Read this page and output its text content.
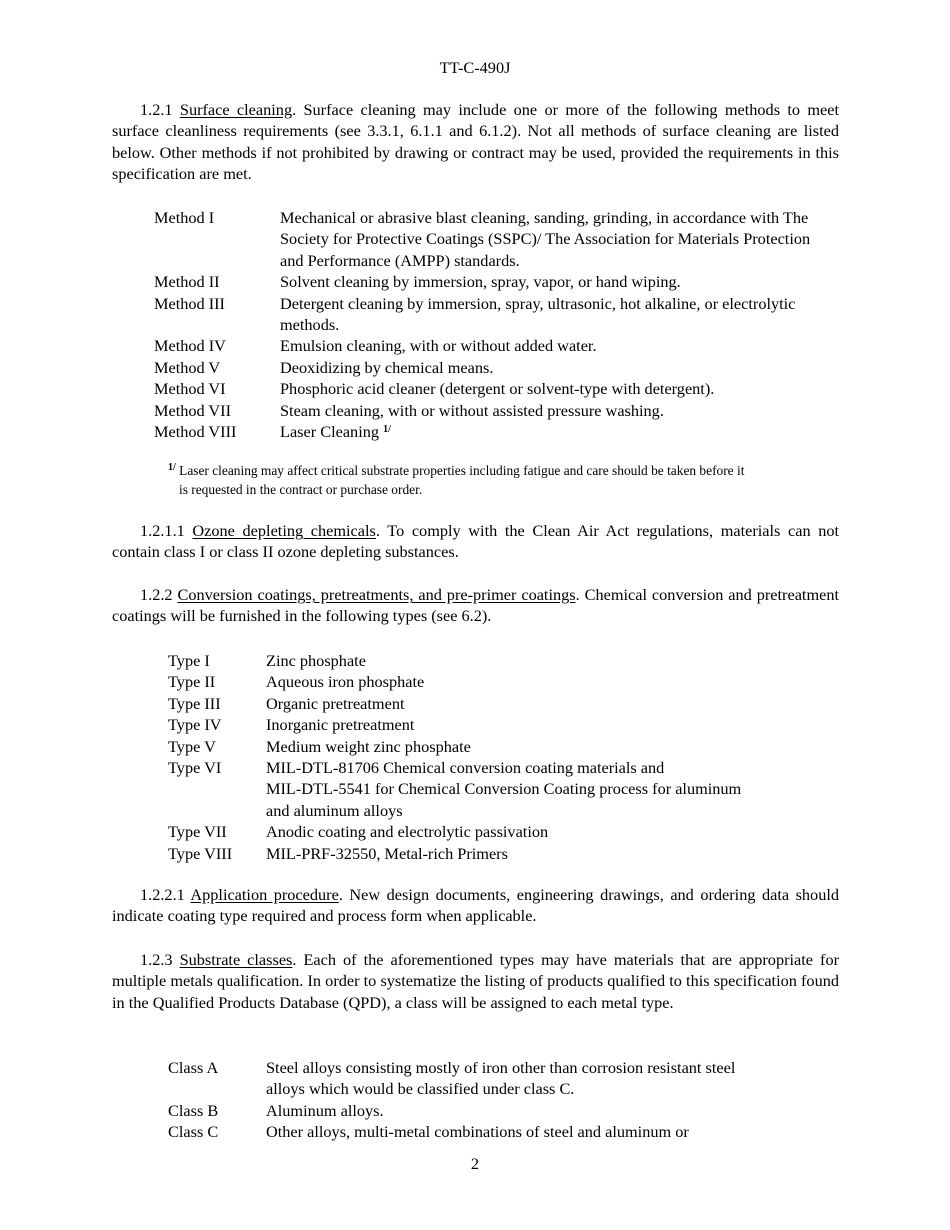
TT-C-490J
1.2.1 Surface cleaning. Surface cleaning may include one or more of the following methods to meet surface cleanliness requirements (see 3.3.1, 6.1.1 and 6.1.2). Not all methods of surface cleaning are listed below. Other methods if not prohibited by drawing or contract may be used, provided the requirements in this specification are met.
Method I	Mechanical or abrasive blast cleaning, sanding, grinding, in accordance with The Society for Protective Coatings (SSPC)/ The Association for Materials Protection and Performance (AMPP) standards.
Method II	Solvent cleaning by immersion, spray, vapor, or hand wiping.
Method III	Detergent cleaning by immersion, spray, ultrasonic, hot alkaline, or electrolytic methods.
Method IV	Emulsion cleaning, with or without added water.
Method V	Deoxidizing by chemical means.
Method VI	Phosphoric acid cleaner (detergent or solvent-type with detergent).
Method VII	Steam cleaning, with or without assisted pressure washing.
Method VIII	Laser Cleaning $^{1/}$
$^{1/}$ Laser cleaning may affect critical substrate properties including fatigue and care should be taken before it
is requested in the contract or purchase order.
1.2.1.1 Ozone depleting chemicals. To comply with the Clean Air Act regulations, materials can not contain class I or class II ozone depleting substances.
1.2.2 Conversion coatings, pretreatments, and pre-primer coatings. Chemical conversion and pretreatment coatings will be furnished in the following types (see 6.2).
Type I	Zinc phosphate
Type II	Aqueous iron phosphate
Type III	Organic pretreatment
Type IV	Inorganic pretreatment
Type V	Medium weight zinc phosphate
Type VI	MIL-DTL-81706 Chemical conversion coating materials and
MIL-DTL-5541 for Chemical Conversion Coating process for aluminum
and aluminum alloys
Type VII	Anodic coating and electrolytic passivation
Type VIII	MIL-PRF-32550, Metal-rich Primers
1.2.2.1 Application procedure. New design documents, engineering drawings, and ordering data should indicate coating type required and process form when applicable.
1.2.3 Substrate classes. Each of the aforementioned types may have materials that are appropriate for multiple metals qualification. In order to systematize the listing of products qualified to this specification found in the Qualified Products Database (QPD), a class will be assigned to each metal type.
Class A	Steel alloys consisting mostly of iron other than corrosion resistant steel
alloys which would be classified under class C.
Class B	Aluminum alloys.
Class C	Other alloys, multi-metal combinations of steel and aluminum or
2
